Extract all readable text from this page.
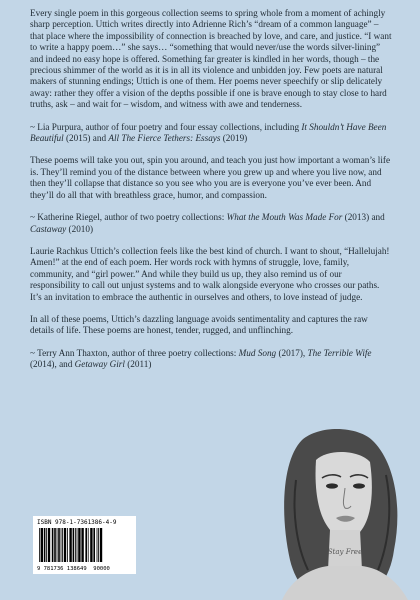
Every single poem in this gorgeous collection seems to spring whole from a moment of achingly sharp perception. Uttich writes directly into Adrienne Rich’s “dream of a common language” – that place where the impossibility of connection is breached by love, and care, and justice. “I want to write a happy poem…” she says… “something that would never/use the words silver-lining” and indeed no easy hope is offered. Something far greater is kindled in her words, though – the precious shimmer of the world as it is in all its violence and unbidden joy. Few poets are natural makers of stunning endings; Uttich is one of them. Her poems never speechify or slip delicately away: rather they offer a vision of the depths possible if one is brave enough to stay close to hard truths, ask – and wait for – wisdom, and witness with awe and tenderness.

~ Lia Purpura, author of four poetry and four essay collections, including It Shouldn’t Have Been Beautiful (2015) and All The Fierce Tethers: Essays (2019)

These poems will take you out, spin you around, and teach you just how important a woman’s life is. They’ll remind you of the distance between where you grew up and where you live now, and then they’ll collapse that distance so you see who you are is everyone you’ve ever been. And they’ll do all that with breathless grace, humor, and compassion.

~ Katherine Riegel, author of two poetry collections: What the Mouth Was Made For (2013) and Castaway (2010)

Laurie Rachkus Uttich’s collection feels like the best kind of church. I want to shout, “Hallelujah! Amen!” at the end of each poem. Her words rock with hymns of struggle, love, family, community, and “girl power.” And while they build us up, they also remind us of our responsibility to call out unjust systems and to walk alongside everyone who crosses our paths. It’s an invitation to embrace the authentic in ourselves and others, to love instead of judge.

In all of these poems, Uttich’s dazzling language avoids sentimentality and captures the raw details of life. These poems are honest, tender, rugged, and unflinching.

~ Terry Ann Thaxton, author of three poetry collections: Mud Song (2017), The Terrible Wife (2014), and Getaway Girl (2011)

ISBN 978-1-7361386-4-9
9 781736 138649 90000
Stay Free
